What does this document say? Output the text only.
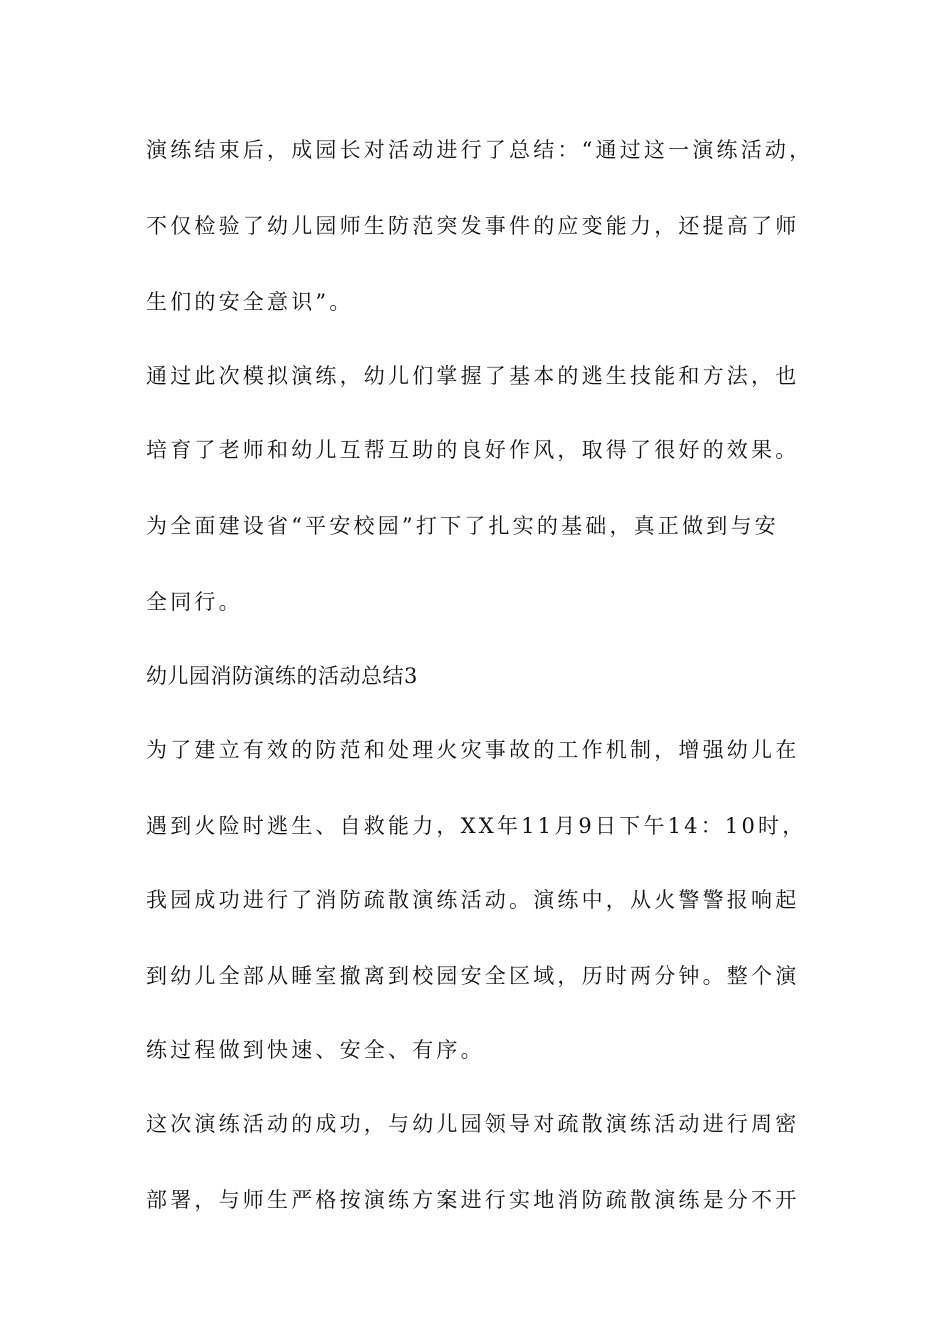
演练结束后，成园长对活动进行了总结：“通过这一演练活动，
不仅检验了幼儿园师生防范突发事件的应变能力，还提高了师
生们的安全意识”。
通过此次模拟演练，幼儿们掌握了基本的逃生技能和方法，也
培育了老师和幼儿互帮互助的良好作风，取得了很好的效果。
为全面建设省“平安校园”打下了扎实的基础，真正做到与安
全同行。
幼儿园消防演练的活动总结3
为了建立有效的防范和处理火灾事故的工作机制，增强幼儿在
遇到火险时逃生、自救能力，XX年11月9日下午14：10时，
我园成功进行了消防疏散演练活动。演练中，从火警警报响起
到幼儿全部从睡室撤离到校园安全区域，历时两分钟。整个演
练过程做到快速、安全、有序。
这次演练活动的成功，与幼儿园领导对疏散演练活动进行周密
部署，与师生严格按演练方案进行实地消防疏散演练是分不开
